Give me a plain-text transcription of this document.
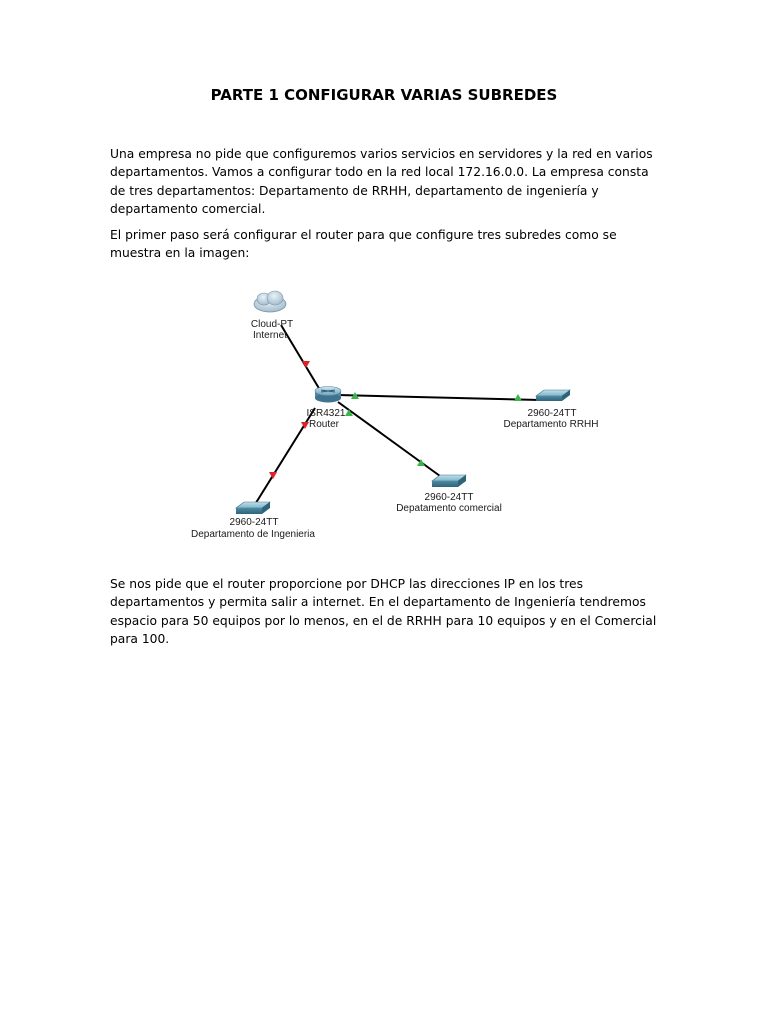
PARTE 1 CONFIGURAR VARIAS SUBREDES

Una empresa no pide que configuremos varios servicios en servidores y la red en varios departamentos. Vamos a configurar todo en la red local 172.16.0.0. La empresa consta de tres departamentos: Departamento de RRHH, departamento de ingeniería y departamento comercial.

El primer paso será configurar el router para que configure tres subredes como se muestra en la imagen:

Cloud-PT
Internet
ISR4321
Router
2960-24TT
Departamento RRHH
2960-24TT
Depatamento comercial
2960-24TT
Departamento de Ingenieria

Se nos pide que el router proporcione por DHCP las direcciones IP en los tres departamentos y permita salir a internet. En el departamento de Ingeniería tendremos espacio para 50 equipos por lo menos, en el de RRHH para 10 equipos y en el Comercial para 100.
